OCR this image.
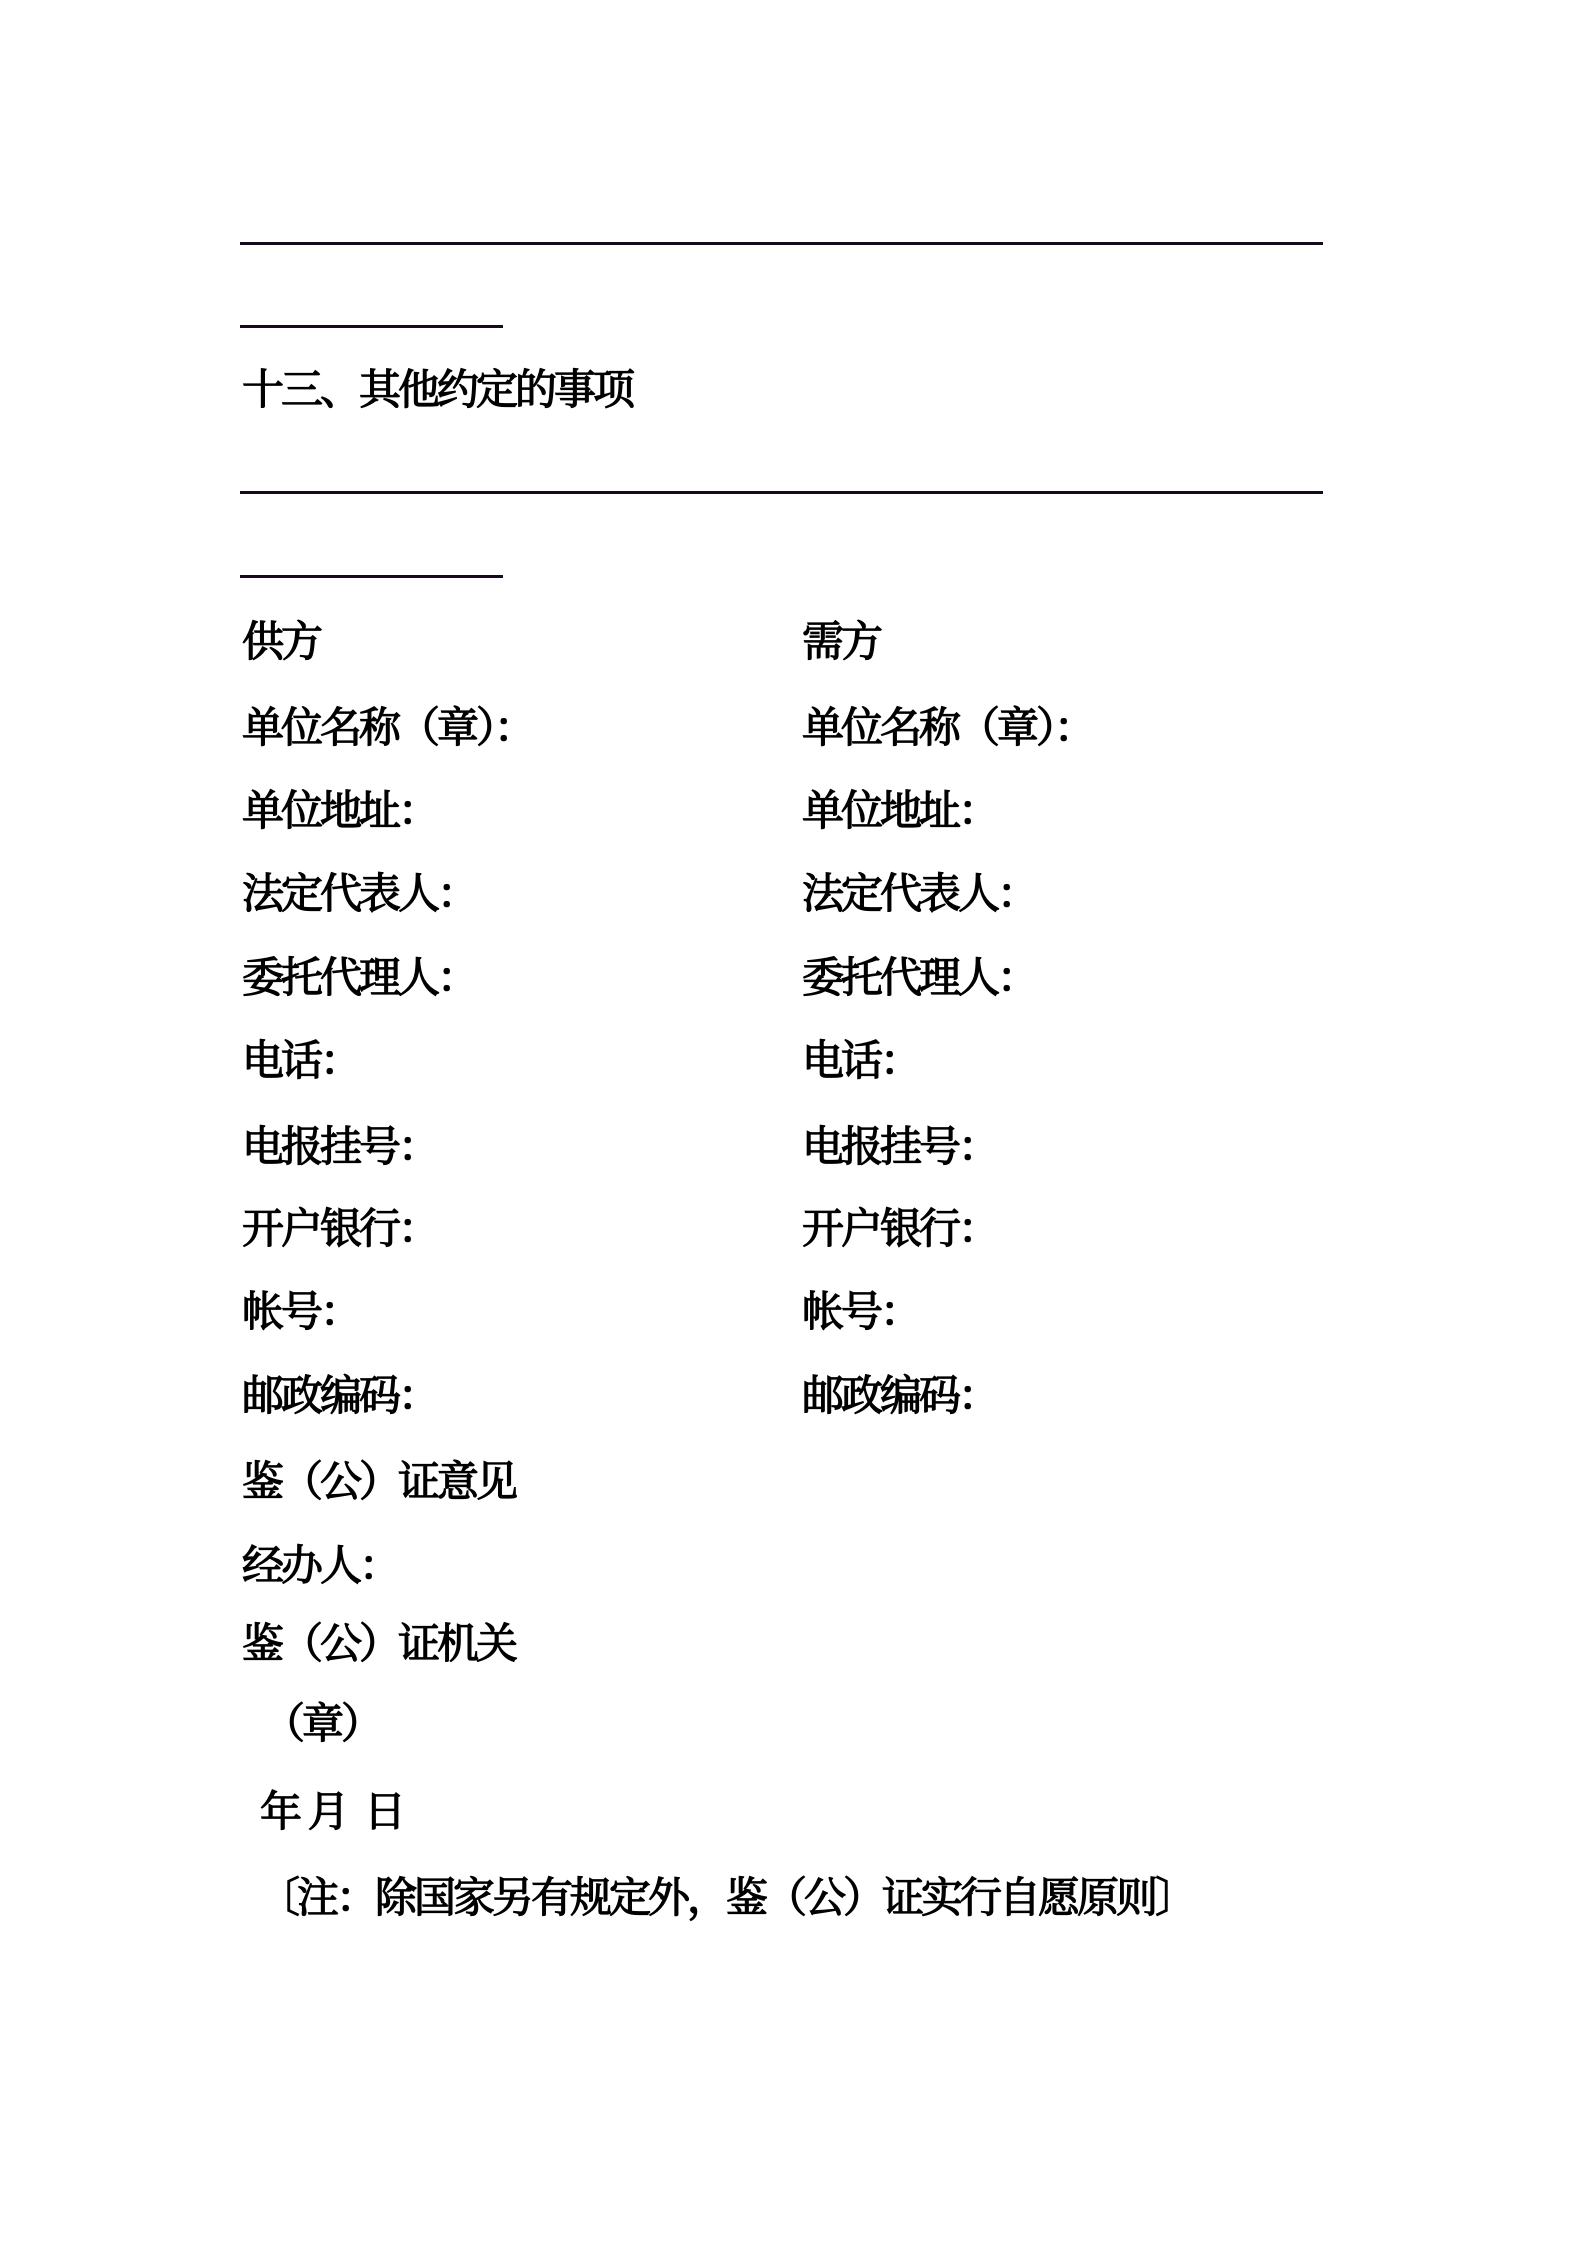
十三、其他约定的事项
供方	需方
单位名称（章）：	单位名称（章）：
单位地址：	单位地址：
法定代表人：	法定代表人：
委托代理人：	委托代理人：
电话：	电话：
电报挂号：	电报挂号：
开户银行：	开户银行：
帐号：	帐号：
邮政编码：	邮政编码：
鉴（公）证意见
经办人：
鉴（公）证机关
（章）
年 月  日
〔注：除国家另有规定外，鉴（公）证实行自愿原则〕
